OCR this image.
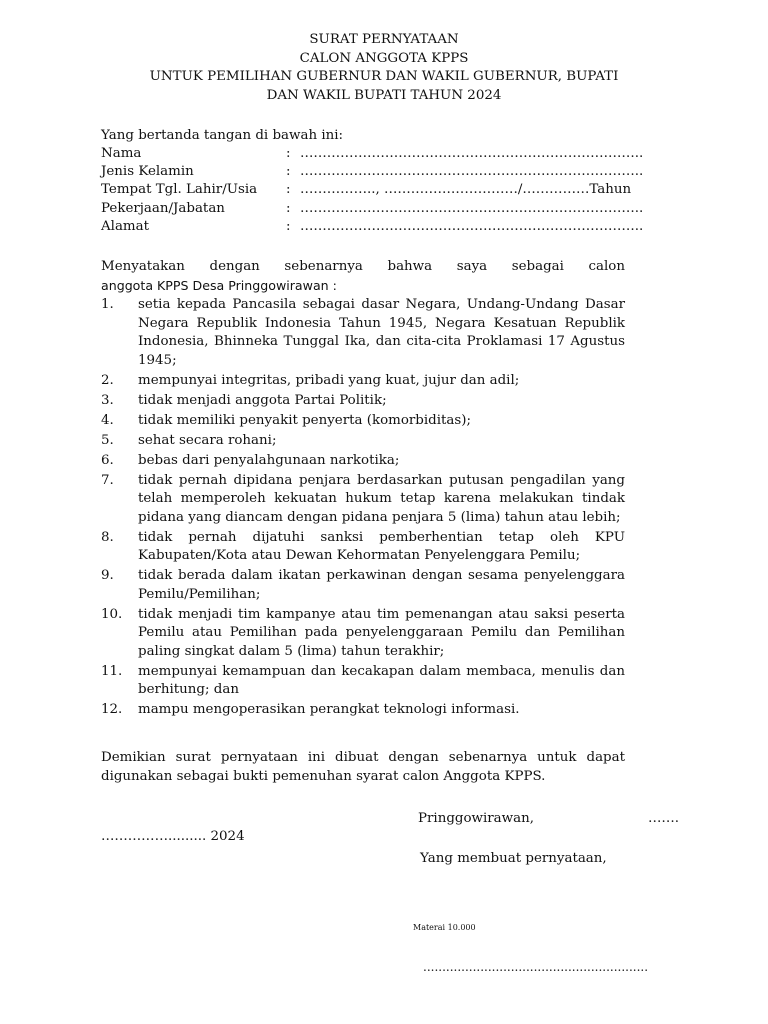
SURAT PERNYATAAN
CALON ANGGOTA KPPS
UNTUK PEMILIHAN GUBERNUR DAN WAKIL GUBERNUR, BUPATI
DAN WAKIL BUPATI TAHUN 2024
Yang bertanda tangan di bawah ini:
Nama	: …………………………………………………………………..
Jenis Kelamin	: …………………………………………………………………..
Tempat Tgl. Lahir/Usia : …………….., …………………………/……………Tahun
Pekerjaan/Jabatan	: …………………………………………………………………..
Alamat	: …………………………………………………………………..
Menyatakan dengan sebenarnya bahwa saya sebagai calon
anggota KPPS Desa Pringgowirawan :
1. setia kepada Pancasila sebagai dasar Negara, Undang-Undang Dasar Negara Republik Indonesia Tahun 1945, Negara Kesatuan Republik Indonesia, Bhinneka Tunggal Ika, dan cita-cita Proklamasi 17 Agustus 1945;
2. mempunyai integritas, pribadi yang kuat, jujur dan adil;
3. tidak menjadi anggota Partai Politik;
4. tidak memiliki penyakit penyerta (komorbiditas);
5. sehat secara rohani;
6. bebas dari penyalahgunaan narkotika;
7. tidak pernah dipidana penjara berdasarkan putusan pengadilan yang telah memperoleh kekuatan hukum tetap karena melakukan tindak pidana yang diancam dengan pidana penjara 5 (lima) tahun atau lebih;
8. tidak pernah dijatuhi sanksi pemberhentian tetap oleh KPU Kabupaten/Kota atau Dewan Kehormatan Penyelenggara Pemilu;
9. tidak berada dalam ikatan perkawinan dengan sesama penyelenggara Pemilu/Pemilihan;
10. tidak menjadi tim kampanye atau tim pemenangan atau saksi peserta Pemilu atau Pemilihan pada penyelenggaraan Pemilu dan Pemilihan paling singkat dalam 5 (lima) tahun terakhir;
11. mempunyai kemampuan dan kecakapan dalam membaca, menulis dan berhitung; dan
12. mampu mengoperasikan perangkat teknologi informasi.
Demikian surat pernyataan ini dibuat dengan sebenarnya untuk dapat digunakan sebagai bukti pemenuhan syarat calon Anggota KPPS.
Pringgowirawan,	…….
……………......... 2024
Yang membuat pernyataan,
Materai 10.000
...........................................................
